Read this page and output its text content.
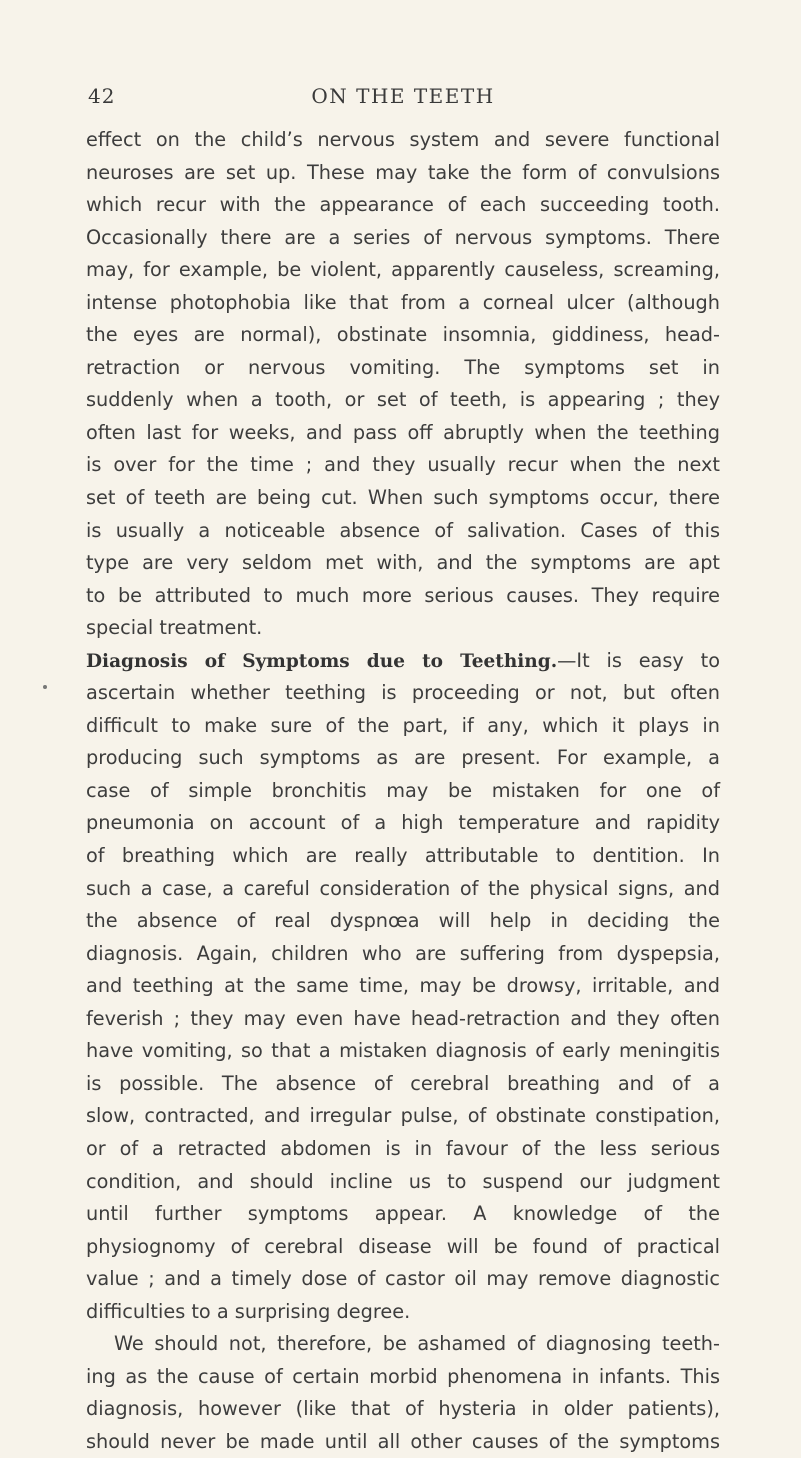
42	ON THE TEETH
effect on the child’s nervous system and severe functional
neuroses are set up. These may take the form of convulsions
which recur with the appearance of each succeeding tooth.
Occasionally there are a series of nervous symptoms. There
may, for example, be violent, apparently causeless, screaming,
intense photophobia like that from a corneal ulcer (although
the eyes are normal), obstinate insomnia, giddiness, head-
retraction or nervous vomiting. The symptoms set in
suddenly when a tooth, or set of teeth, is appearing ; they
often last for weeks, and pass off abruptly when the teething
is over for the time ; and they usually recur when the next
set of teeth are being cut. When such symptoms occur, there
is usually a noticeable absence of salivation. Cases of this
type are very seldom met with, and the symptoms are apt
to be attributed to much more serious causes. They require
special treatment.
Diagnosis of Symptoms due to Teething.—It is easy to
ascertain whether teething is proceeding or not, but often
difficult to make sure of the part, if any, which it plays in
producing such symptoms as are present. For example, a
case of simple bronchitis may be mistaken for one of
pneumonia on account of a high temperature and rapidity
of breathing which are really attributable to dentition. In
such a case, a careful consideration of the physical signs, and
the absence of real dyspnœa will help in deciding the
diagnosis. Again, children who are suffering from dyspepsia,
and teething at the same time, may be drowsy, irritable, and
feverish ; they may even have head-retraction and they often
have vomiting, so that a mistaken diagnosis of early meningitis
is possible. The absence of cerebral breathing and of a
slow, contracted, and irregular pulse, of obstinate constipation,
or of a retracted abdomen is in favour of the less serious
condition, and should incline us to suspend our judgment
until further symptoms appear. A knowledge of the
physiognomy of cerebral disease will be found of practical
value ; and a timely dose of castor oil may remove diagnostic
difficulties to a surprising degree.
We should not, therefore, be ashamed of diagnosing teeth-
ing as the cause of certain morbid phenomena in infants. This
diagnosis, however (like that of hysteria in older patients),
should never be made until all other causes of the symptoms
